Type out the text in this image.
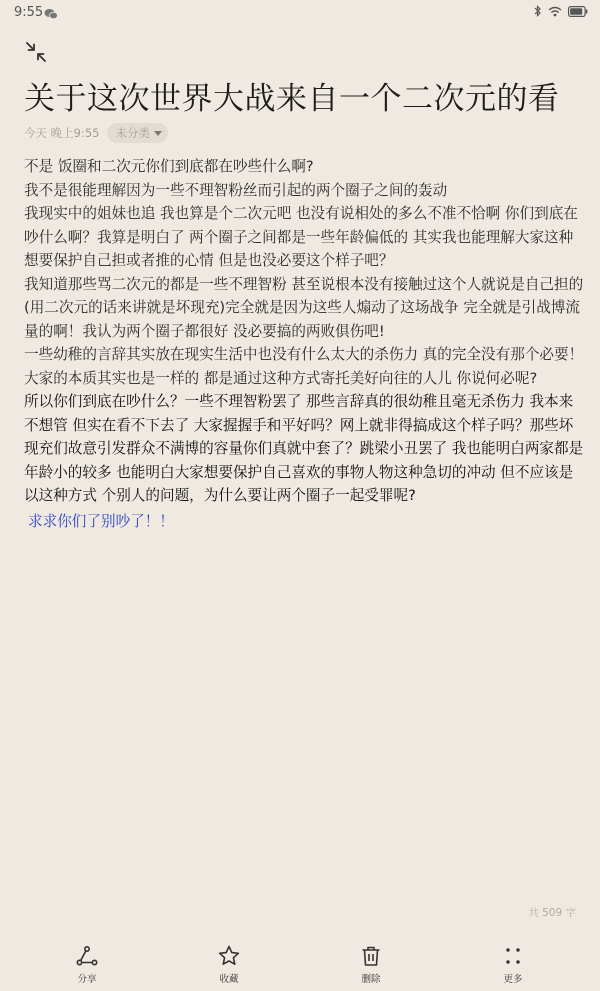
9:55
关于这次世界大战来自一个二次元的看
今天 晚上9:55 未分类

不是 饭圈和二次元你们到底都在吵些什么啊?

我不是很能理解因为一些不理智粉丝而引起的两个圈子之间的轰动

我现实中的姐妹也追 我也算是个二次元吧 也没有说相处的多么不准不恰啊 你们到底在吵什么啊？我算是明白了 两个圈子之间都是一些年龄偏低的 其实我也能理解大家这种想要保护自己担或者推的心情 但是也没必要这个样子吧？

我知道那些骂二次元的都是一些不理智粉 甚至说根本没有接触过这个人就说是自己担的(用二次元的话来讲就是坏现充)完全就是因为这些人煽动了这场战争 完全就是引战博流量的啊！我认为两个圈子都很好 没必要搞的两败俱伤吧!

一些幼稚的言辞其实放在现实生活中也没有什么太大的杀伤力 真的完全没有那个必要！大家的本质其实也是一样的 都是通过这种方式寄托美好向往的人儿 你说何必呢?

所以你们到底在吵什么？一些不理智粉罢了 那些言辞真的很幼稚且毫无杀伤力 我本来不想管 但实在看不下去了 大家握握手和平好吗？网上就非得搞成这个样子吗？那些坏现充们故意引发群众不满博的容量你们真就中套了？跳梁小丑罢了 我也能明白两家都是年龄小的较多 也能明白大家想要保护自己喜欢的事物人物这种急切的冲动 但不应该是以这种方式 个别人的问题，为什么要让两个圈子一起受罪呢?

求求你们了别吵了！！

共 509 字
分享	收藏	删除	更多
